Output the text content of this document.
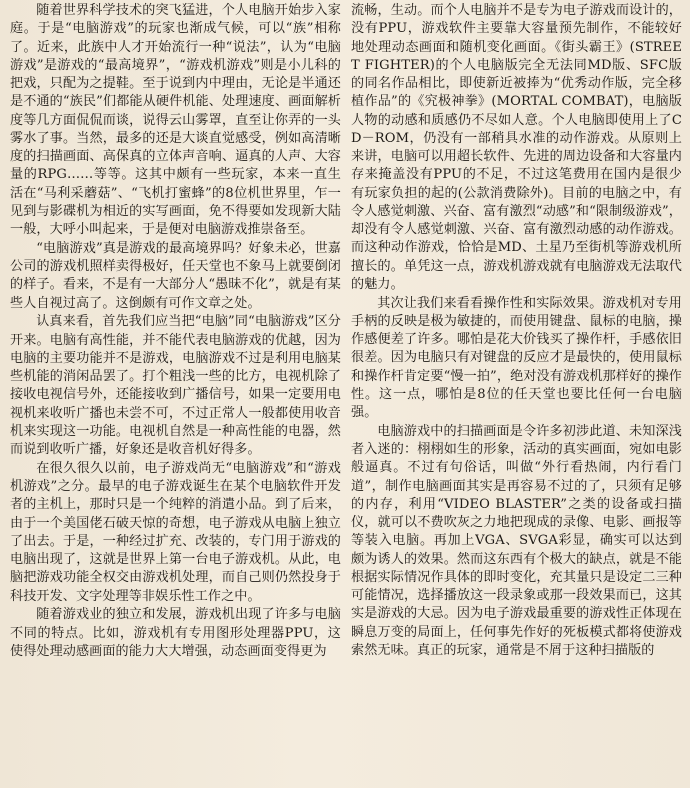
随着世界科学技术的突飞猛进，个人电脑开始步入家庭。于是“电脑游戏”的玩家也渐成气候，可以“族”相称了。近来，此族中人才开始流行一种“说法”，认为“电脑游戏”是游戏的“最高境界”，“游戏机游戏”则是小儿科的把戏，只配为之提鞋。至于说到内中理由，无论是半通还是不通的“族民”们都能从硬件机能、处理速度、画面解析度等几方面侃侃而谈，说得云山雾罩，直至让你弄的一头雾水了事。当然，最多的还是大谈直觉感受，例如高清晰度的扫描画面、高保真的立体声音响、逼真的人声、大容量的RPG……等等。这其中颇有一些玩家，本来一直生活在“马利采蘑菇”、“飞机打蜜蜂”的8位机世界里，乍一见到与影碟机为相近的实写画面，免不得要如发现新大陆一般，大呼小叫起来，于是便对电脑游戏推崇备至。

“电脑游戏”真是游戏的最高境界吗？好象未必，世嘉公司的游戏机照样卖得极好，任天堂也不象马上就要倒闭的样子。看来，不是有一大部分人“愚昧不化”，就是有某些人自视过高了。这倒颇有可作文章之处。

认真来看，首先我们应当把“电脑”同“电脑游戏”区分开来。电脑有高性能，并不能代表电脑游戏的优越，因为电脑的主要功能并不是游戏，电脑游戏不过是利用电脑某些机能的消闲品罢了。打个粗浅一些的比方，电视机除了接收电视信号外，还能接收到广播信号，如果一定要用电视机来收听广播也未尝不可，不过正常人一般都使用收音机来实现这一功能。电视机自然是一种高性能的电器，然而说到收听广播，好象还是收音机好得多。

在很久很久以前，电子游戏尚无“电脑游戏”和“游戏机游戏”之分。最早的电子游戏诞生在某个电脑软件开发者的主机上，那时只是一个纯粹的消遣小品。到了后来，由于一个美国佬石破天惊的奇想，电子游戏从电脑上独立了出去。于是，一种经过扩充、改装的，专门用于游戏的电脑出现了，这就是世界上第一台电子游戏机。从此，电脑把游戏功能全权交由游戏机处理，而自己则仍然投身于科技开发、文字处理等非娱乐性工作之中。

随着游戏业的独立和发展，游戏机出现了许多与电脑不同的特点。比如，游戏机有专用图形处理器PPU，这使得处理动感画面的能力大大增强，动态画面变得更为

流畅，生动。而个人电脑并不是专为电子游戏而设计的，没有PPU，游戏软件主要靠大容量预先制作，不能较好地处理动态画面和随机变化画面。《街头霸王》(STREET FIGHTER)的个人电脑版完全无法同MD版、SFC版的同名作品相比，即使新近被捧为“优秀动作版，完全移植作品”的《究极神拳》(MORTAL COMBAT)，电脑版人物的动感和质感仍不尽如人意。个人电脑即使用上了CD－ROM，仍没有一部稍具水准的动作游戏。从原则上来讲，电脑可以用超长软件、先进的周边设备和大容量内存来掩盖没有PPU的不足，不过这笔费用在国内是很少有玩家负担的起的(公款消费除外)。目前的电脑之中，有令人感觉刺激、兴奋、富有激烈“动感”和“限制级游戏”，却没有令人感觉刺激、兴奋、富有激烈动感的动作游戏。而这种动作游戏，恰恰是MD、土星乃至街机等游戏机所擅长的。单凭这一点，游戏机游戏就有电脑游戏无法取代的魅力。

其次让我们来看看操作性和实际效果。游戏机对专用手柄的反映是极为敏捷的，而使用键盘、鼠标的电脑，操作感便差了许多。哪怕是花大价钱买了操作杆，手感依旧很差。因为电脑只有对键盘的反应才是最快的，使用鼠标和操作杆肯定要“慢一拍”，绝对没有游戏机那样好的操作性。这一点，哪怕是8位的任天堂也要比任何一台电脑强。

电脑游戏中的扫描画面是令许多初涉此道、未知深浅者入迷的：栩栩如生的形象，活动的真实画面，宛如电影般逼真。不过有句俗话，叫做“外行看热闹，内行看门道”，制作电脑画面其实是再容易不过的了，只须有足够的内存，利用“VIDEO BLASTER”之类的设备或扫描仪，就可以不费吹灰之力地把现成的录像、电影、画报等等装入电脑。再加上VGA、SVGA彩显，确实可以达到颇为诱人的效果。然而这东西有个极大的缺点，就是不能根据实际情况作具体的即时变化，充其量只是设定二三种可能情况，选择播放这一段录象或那一段效果而已，这其实是游戏的大忌。因为电子游戏最重要的游戏性正体现在瞬息万变的局面上，任何事先作好的死板模式都将使游戏索然无味。真正的玩家，通常是不屑于这种扫描版的
